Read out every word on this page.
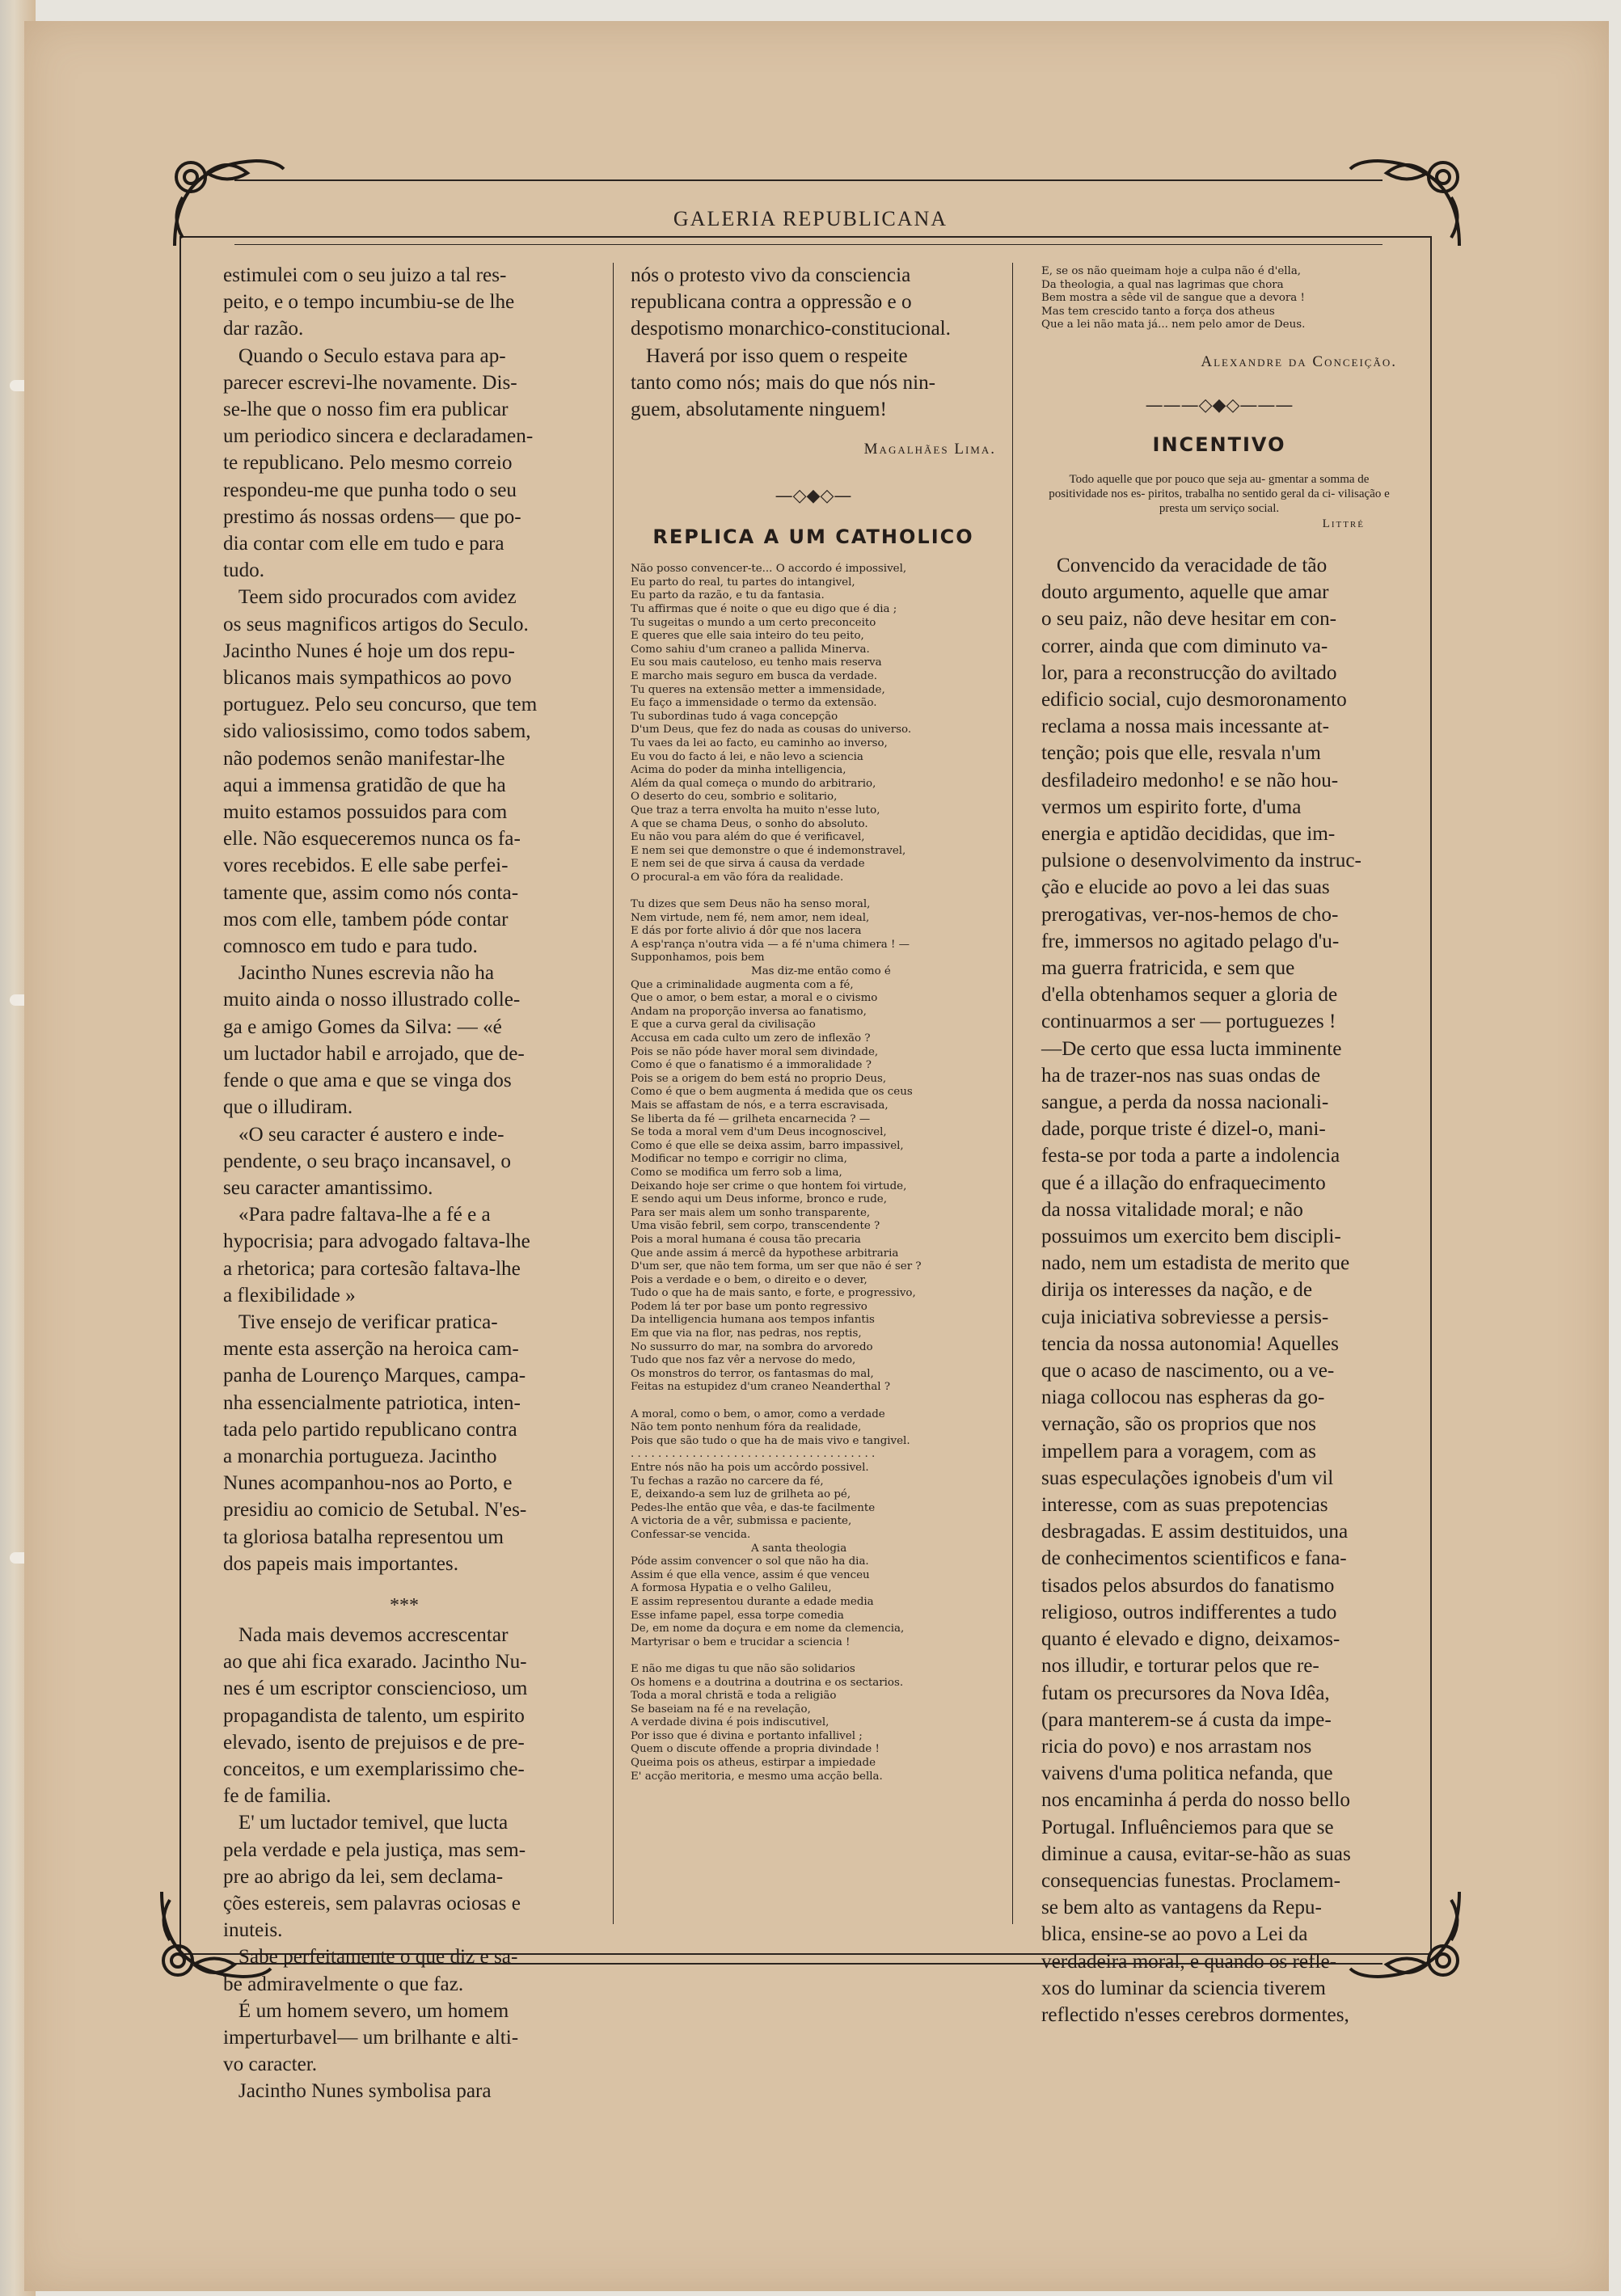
GALERIA REPUBLICANA

estimulei com o seu juizo a tal res-
peito, e o tempo incumbiu-se de lhe
dar razão.
Quando o Seculo estava para ap-
parecer escrevi-lhe novamente. Dis-
se-lhe que o nosso fim era publicar
um periodico sincera e declaradamen-
te republicano. Pelo mesmo correio
respondeu-me que punha todo o seu
prestimo ás nossas ordens— que po-
dia contar com elle em tudo e para
tudo.
Teem sido procurados com avidez
os seus magnificos artigos do Seculo.
Jacintho Nunes é hoje um dos repu-
blicanos mais sympathicos ao povo
portuguez. Pelo seu concurso, que tem
sido valiosissimo, como todos sabem,
não podemos senão manifestar-lhe
aqui a immensa gratidão de que ha
muito estamos possuidos para com
elle. Não esqueceremos nunca os fa-
vores recebidos. E elle sabe perfei-
tamente que, assim como nós conta-
mos com elle, tambem póde contar
comnosco em tudo e para tudo.
Jacintho Nunes escrevia não ha
muito ainda o nosso illustrado colle-
ga e amigo Gomes da Silva: — «é
um luctador habil e arrojado, que de-
fende o que ama e que se vinga dos
que o illudiram.
«O seu caracter é austero e inde-
pendente, o seu braço incansavel, o
seu caracter amantissimo.
«Para padre faltava-lhe a fé e a
hypocrisia; para advogado faltava-lhe
a rhetorica; para cortesão faltava-lhe
a flexibilidade »
Tive ensejo de verificar pratica-
mente esta asserção na heroica cam-
panha de Lourenço Marques, campa-
nha essencialmente patriotica, inten-
tada pelo partido republicano contra
a monarchia portugueza. Jacintho
Nunes acompanhou-nos ao Porto, e
presidiu ao comicio de Setubal. N'es-
ta gloriosa batalha representou um
dos papeis mais importantes.

***

Nada mais devemos accrescentar
ao que ahi fica exarado. Jacintho Nu-
nes é um escriptor consciencioso, um
propagandista de talento, um espirito
elevado, isento de prejuisos e de pre-
conceitos, e um exemplarissimo che-
fe de familia.
E' um luctador temivel, que lucta
pela verdade e pela justiça, mas sem-
pre ao abrigo da lei, sem declama-
ções estereis, sem palavras ociosas e
inuteis.
Sabe perfeitamente o que diz e sa-
be admiravelmente o que faz.
É um homem severo, um homem
imperturbavel— um brilhante e alti-
vo caracter.
Jacintho Nunes symbolisa para

nós o protesto vivo da consciencia
republicana contra a oppressão e o
despotismo monarchico-constitucional.
Haverá por isso quem o respeite
tanto como nós; mais do que nós nin-
guem, absolutamente ninguem!

Magalhães Lima.

—◇◆◇—

REPLICA A UM CATHOLICO

Não posso convencer-te... O accordo é impossivel,
Eu parto do real, tu partes do intangivel,
Eu parto da razão, e tu da fantasia.
Tu affirmas que é noite o que eu digo que é dia ;
Tu sugeitas o mundo a um certo preconceito
E queres que elle saia inteiro do teu peito,
Como sahiu d'um craneo a pallida Minerva.
Eu sou mais cauteloso, eu tenho mais reserva
E marcho mais seguro em busca da verdade.
Tu queres na extensão metter a immensidade,
Eu faço a immensidade o termo da extensão.
Tu subordinas tudo á vaga concepção
D'um Deus, que fez do nada as cousas do universo.
Tu vaes da lei ao facto, eu caminho ao inverso,
Eu vou do facto á lei, e não levo a sciencia
Acima do poder da minha intelligencia,
Além da qual começa o mundo do arbitrario,
O deserto do ceu, sombrio e solitario,
Que traz a terra envolta ha muito n'esse luto,
A que se chama Deus, o sonho do absoluto.
Eu não vou para além do que é verificavel,
E nem sei que demonstre o que é indemonstravel,
E nem sei de que sirva á causa da verdade
O procural-a em vão fóra da realidade.

Tu dizes que sem Deus não ha senso moral,
Nem virtude, nem fé, nem amor, nem ideal,
E dás por forte alivio á dôr que nos lacera
A esp'rança n'outra vida — a fé n'uma chimera ! —
Supponhamos, pois bem
Mas diz-me então como é
Que a criminalidade augmenta com a fé,
Que o amor, o bem estar, a moral e o civismo
Andam na proporção inversa ao fanatismo,
E que a curva geral da civilisação
Accusa em cada culto um zero de inflexão ?
Pois se não póde haver moral sem divindade,
Como é que o fanatismo é a immoralidade ?
Pois se a origem do bem está no proprio Deus,
Como é que o bem augmenta á medida que os ceus
Mais se affastam de nós, e a terra escravisada,
Se liberta da fé — grilheta encarnecida ? —
Se toda a moral vem d'um Deus incognoscivel,
Como é que elle se deixa assim, barro impassivel,
Modificar no tempo e corrigir no clima,
Como se modifica um ferro sob a lima,
Deixando hoje ser crime o que hontem foi virtude,
E sendo aqui um Deus informe, bronco e rude,
Para ser mais alem um sonho transparente,
Uma visão febril, sem corpo, transcendente ?
Pois a moral humana é cousa tão precaria
Que ande assim á mercê da hypothese arbitraria
D'um ser, que não tem forma, um ser que não é ser ?
Pois a verdade e o bem, o direito e o dever,
Tudo o que ha de mais santo, e forte, e progressivo,
Podem lá ter por base um ponto regressivo
Da intelligencia humana aos tempos infantis
Em que via na flor, nas pedras, nos reptis,
No sussurro do mar, na sombra do arvoredo
Tudo que nos faz vêr a nervose do medo,
Os monstros do terror, os fantasmas do mal,
Feitas na estupidez d'um craneo Neanderthal ?

A moral, como o bem, o amor, como a verdade
Não tem ponto nenhum fóra da realidade,
Pois que são tudo o que ha de mais vivo e tangivel.
. . . . . . . . . . . . . . . . . . . . . . . . . . . . . . . . . . . .
Entre nós não ha pois um accôrdo possivel.
Tu fechas a razão no carcere da fé,
E, deixando-a sem luz de grilheta ao pé,
Pedes-lhe então que vêa, e das-te facilmente
A victoria de a vêr, submissa e paciente,
Confessar-se vencida.
A santa theologia
Póde assim convencer o sol que não ha dia.
Assim é que ella vence, assim é que venceu
A formosa Hypatia e o velho Galileu,
E assim representou durante a edade media
Esse infame papel, essa torpe comedia
De, em nome da doçura e em nome da clemencia,
Martyrisar o bem e trucidar a sciencia !

E não me digas tu que não são solidarios
Os homens e a doutrina a doutrina e os sectarios.
Toda a moral christã e toda a religião
Se baseiam na fé e na revelação,
A verdade divina é pois indiscutivel,
Por isso que é divina e portanto infallivel ;
Quem o discute offende a propria divindade !
Queima pois os atheus, estirpar a impiedade
E' acção meritoria, e mesmo uma acção bella.

E, se os não queimam hoje a culpa não é d'ella,
Da theologia, a qual nas lagrimas que chora
Bem mostra a sêde vil de sangue que a devora !
Mas tem crescido tanto a força dos atheus
Que a lei não mata já... nem pelo amor de Deus.

Alexandre da Conceição.

———◇◆◇———

INCENTIVO

Todo aquelle que por pouco que seja au- gmentar a somma de positividade nos es- piritos, trabalha no sentido geral da ci- vilisação e presta um serviço social.

Littré

Convencido da veracidade de tão
douto argumento, aquelle que amar
o seu paiz, não deve hesitar em con-
correr, ainda que com diminuto va-
lor, para a reconstrucção do aviltado
edificio social, cujo desmoronamento
reclama a nossa mais incessante at-
tenção; pois que elle, resvala n'um
desfiladeiro medonho! e se não hou-
vermos um espirito forte, d'uma
energia e aptidão decididas, que im-
pulsione o desenvolvimento da instruc-
ção e elucide ao povo a lei das suas
prerogativas, ver-nos-hemos de cho-
fre, immersos no agitado pelago d'u-
ma guerra fratricida, e sem que
d'ella obtenhamos sequer a gloria de
continuarmos a ser — portuguezes !
—De certo que essa lucta imminente
ha de trazer-nos nas suas ondas de
sangue, a perda da nossa nacionali-
dade, porque triste é dizel-o, mani-
festa-se por toda a parte a indolencia
que é a illação do enfraquecimento
da nossa vitalidade moral; e não
possuimos um exercito bem discipli-
nado, nem um estadista de merito que
dirija os interesses da nação, e de
cuja iniciativa sobreviesse a persis-
tencia da nossa autonomia! Aquelles
que o acaso de nascimento, ou a ve-
niaga collocou nas espheras da go-
vernação, são os proprios que nos
impellem para a voragem, com as
suas especulações ignobeis d'um vil
interesse, com as suas prepotencias
desbragadas. E assim destituidos, una
de conhecimentos scientificos e fana-
tisados pelos absurdos do fanatismo
religioso, outros indifferentes a tudo
quanto é elevado e digno, deixamos-
nos illudir, e torturar pelos que re-
futam os precursores da Nova Idêa,
(para manterem-se á custa da impe-
ricia do povo) e nos arrastam nos
vaivens d'uma politica nefanda, que
nos encaminha á perda do nosso bello
Portugal. Influênciemos para que se
diminue a causa, evitar-se-hão as suas
consequencias funestas. Proclamem-
se bem alto as vantagens da Repu-
blica, ensine-se ao povo a Lei da
verdadeira moral, e quando os refle-
xos do luminar da sciencia tiverem
reflectido n'esses cerebros dormentes,
